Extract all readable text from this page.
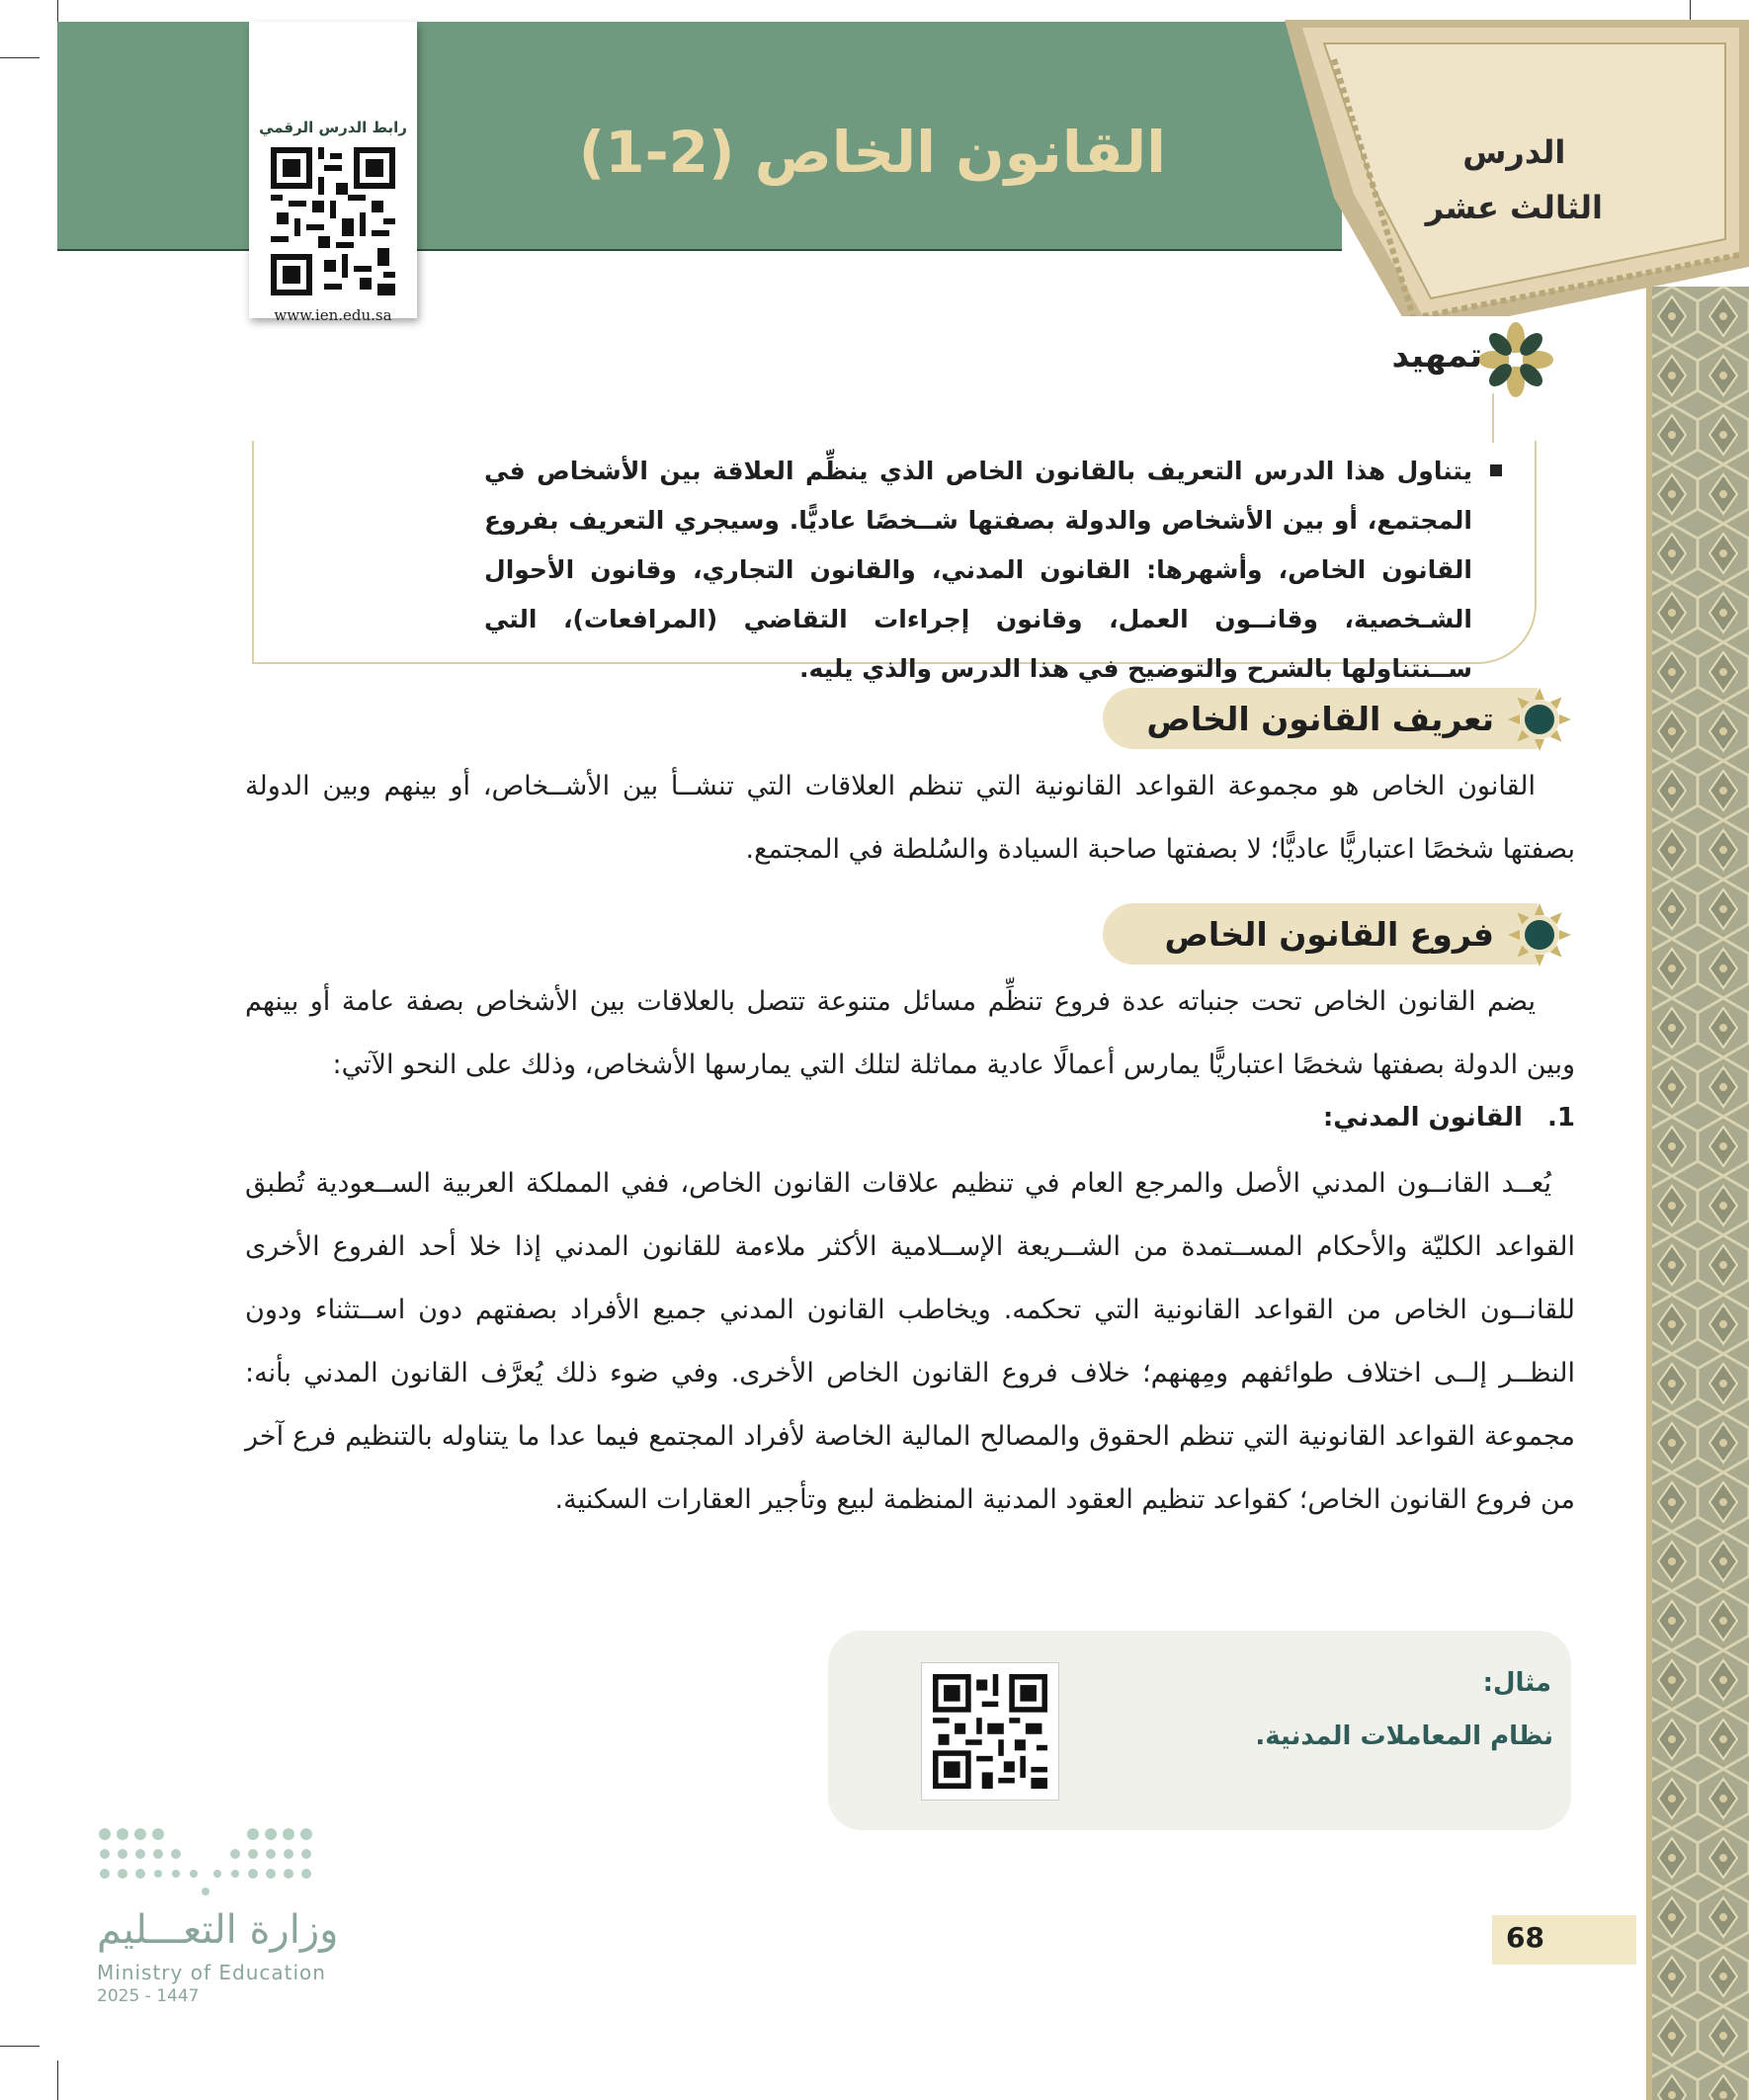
القانون الخاص (2-1)	الدرس
الثالث عشر
رابط الدرس الرقمي
www.ien.edu.sa
تمهيد
يتناول هذا الدرس التعريف بالقانون الخاص الذي ينظِّم العلاقة بين الأشخاص في المجتمع، أو بين الأشخاص والدولة بصفتها شــخصًا عاديًّا. وسيجري التعريف بفروع القانون الخاص، وأشهرها: القانون المدني، والقانون التجاري، وقانون الأحوال الشـخصية، وقانــون العمل، وقانون إجراءات التقاضي (المرافعات)، التي ســنتناولها بالشرح والتوضيح في هذا الدرس والذي يليه.
تعريف القانون الخاص
القانون الخاص هو مجموعة القواعد القانونية التي تنظم العلاقات التي تنشــأ بين الأشــخاص، أو بينهم وبين الدولة بصفتها شخصًا اعتباريًّا عاديًّا؛ لا بصفتها صاحبة السيادة والسُلطة في المجتمع.
فروع القانون الخاص
يضم القانون الخاص تحت جنباته عدة فروع تنظِّم مسائل متنوعة تتصل بالعلاقات بين الأشخاص بصفة عامة أو بينهم وبين الدولة بصفتها شخصًا اعتباريًّا يمارس أعمالًا عادية مماثلة لتلك التي يمارسها الأشخاص، وذلك على النحو الآتي:
1. القانون المدني:
يُعــد القانــون المدني الأصل والمرجع العام في تنظيم علاقات القانون الخاص، ففي المملكة العربية الســعودية تُطبق القواعد الكليّة والأحكام المســتمدة من الشــريعة الإســلامية الأكثر ملاءمة للقانون المدني إذا خلا أحد الفروع الأخرى للقانــون الخاص من القواعد القانونية التي تحكمه. ويخاطب القانون المدني جميع الأفراد بصفتهم دون اســتثناء ودون النظــر إلــى اختلاف طوائفهم ومِهنهم؛ خلاف فروع القانون الخاص الأخرى. وفي ضوء ذلك يُعرَّف القانون المدني بأنه: مجموعة القواعد القانونية التي تنظم الحقوق والمصالح المالية الخاصة لأفراد المجتمع فيما عدا ما يتناوله بالتنظيم فرع آخر من فروع القانون الخاص؛ كقواعد تنظيم العقود المدنية المنظمة لبيع وتأجير العقارات السكنية.
مثال:
نظام المعاملات المدنية.
وزارة التعـــليم
Ministry of Education
2025 - 1447
68
